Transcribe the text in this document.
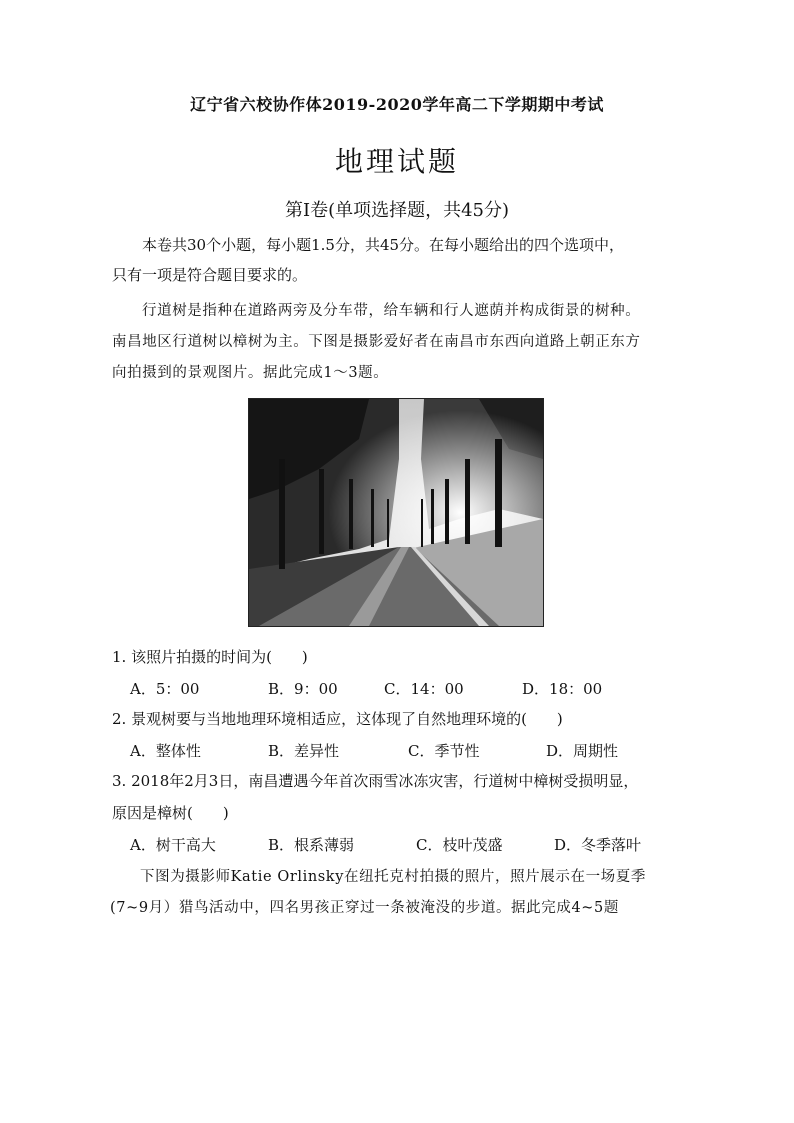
辽宁省六校协作体2019-2020学年高二下学期期中考试
地理试题
第Ⅰ卷(单项选择题，共45分)
本卷共30个小题，每小题1.5分，共45分。在每小题给出的四个选项中，
只有一项是符合题目要求的。
行道树是指种在道路两旁及分车带，给车辆和行人遮荫并构成街景的树种。
南昌地区行道树以樟树为主。下图是摄影爱好者在南昌市东西向道路上朝正东方
向拍摄到的景观图片。据此完成1～3题。
1. 该照片拍摄的时间为(　　)
A．5：00	B．9：00	C．14：00	D．18：00
2. 景观树要与当地地理环境相适应，这体现了自然地理环境的(　　)
A．整体性	B．差异性	C．季节性	D．周期性
3. 2018年2月3日，南昌遭遇今年首次雨雪冰冻灾害，行道树中樟树受损明显，
原因是樟树(　　)
A．树干高大	B．根系薄弱	C．枝叶茂盛	D．冬季落叶
下图为摄影师Katie Orlinsky在纽托克村拍摄的照片，照片展示在一场夏季
(7~9月）猎鸟活动中，四名男孩正穿过一条被淹没的步道。据此完成4~5题
